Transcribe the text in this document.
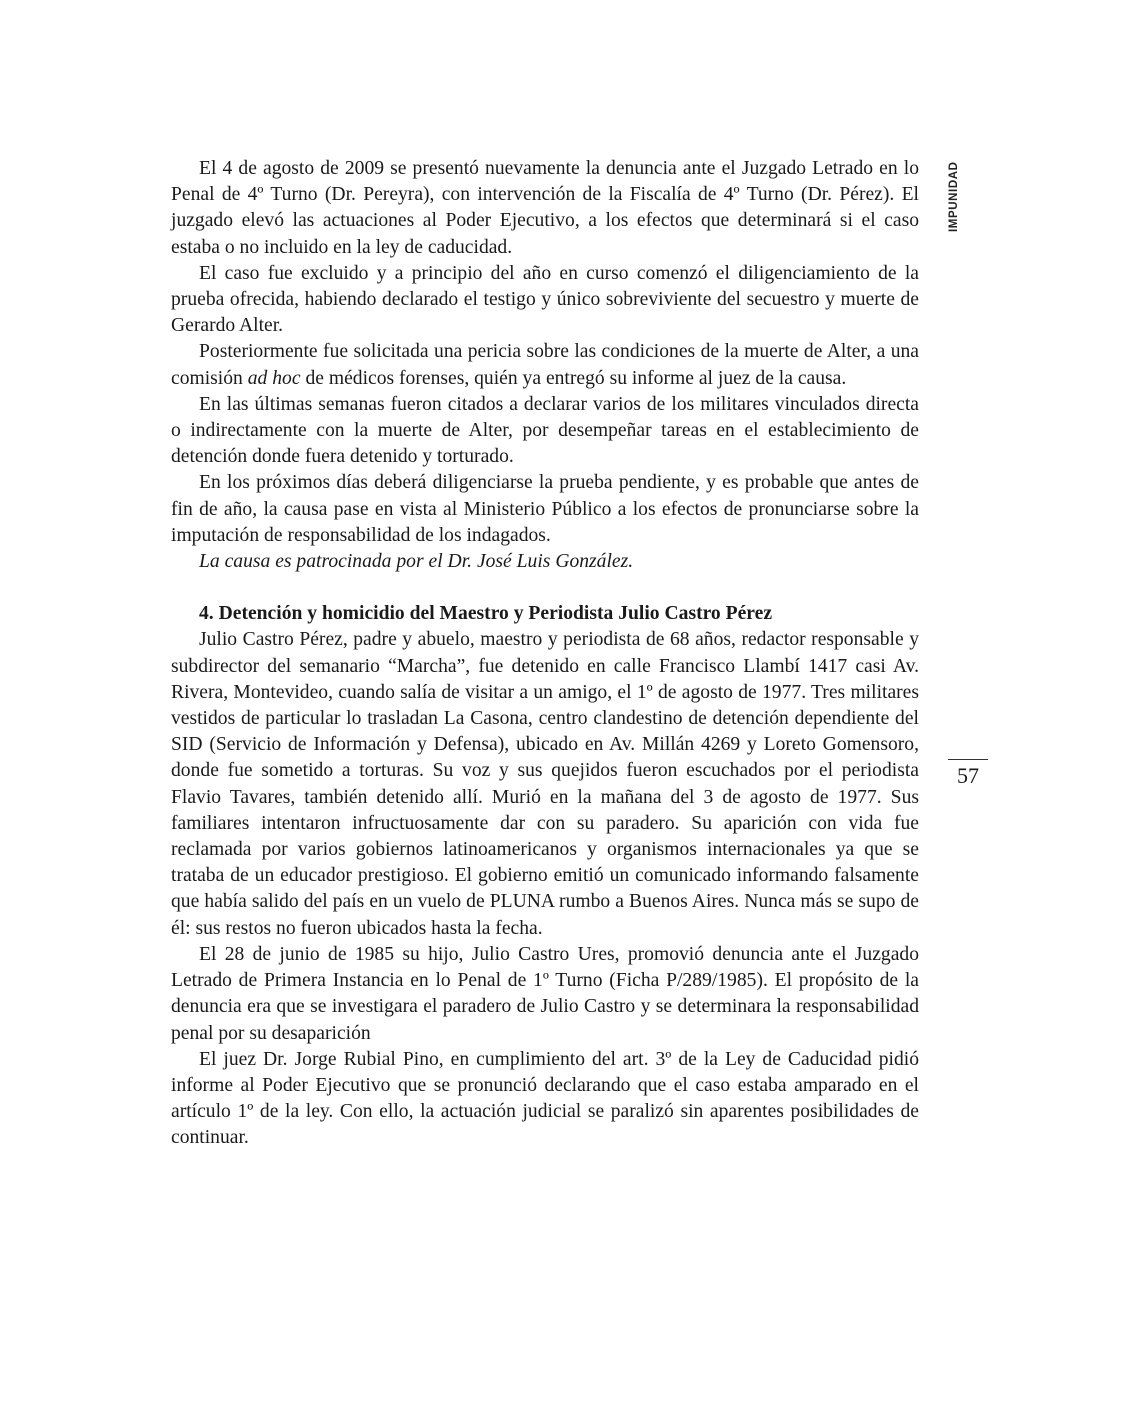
IMPUNIDAD
57

El 4 de agosto de 2009 se presentó nuevamente la denuncia ante el Juzgado Letrado en lo Penal de 4º Turno (Dr. Pereyra), con intervención de la Fiscalía de 4º Turno (Dr. Pérez). El juzgado elevó las actuaciones al Poder Ejecutivo, a los efectos que determinará si el caso estaba o no incluido en la ley de caducidad.

El caso fue excluido y a principio del año en curso comenzó el diligenciamiento de la prueba ofrecida, habiendo declarado el testigo y único sobreviviente del secuestro y muerte de Gerardo Alter.

Posteriormente fue solicitada una pericia sobre las condiciones de la muerte de Alter, a una comisión ad hoc de médicos forenses, quién ya entregó su informe al juez de la causa.

En las últimas semanas fueron citados a declarar varios de los militares vinculados directa o indirectamente con la muerte de Alter, por desempeñar tareas en el establecimiento de detención donde fuera detenido y torturado.

En los próximos días deberá diligenciarse la prueba pendiente, y es probable que antes de fin de año, la causa pase en vista al Ministerio Público a los efectos de pronunciarse sobre la imputación de responsabilidad de los indagados.

La causa es patrocinada por el Dr. José Luis González.

4. Detención y homicidio del Maestro y Periodista Julio Castro Pérez

Julio Castro Pérez, padre y abuelo, maestro y periodista de 68 años, redactor responsable y subdirector del semanario “Marcha”, fue detenido en calle Francisco Llambí 1417 casi Av. Rivera, Montevideo, cuando salía de visitar a un amigo, el 1º de agosto de 1977. Tres militares vestidos de particular lo trasladan La Casona, centro clandestino de detención dependiente del SID (Servicio de Información y Defensa), ubicado en Av. Millán 4269 y Loreto Gomensoro, donde fue sometido a torturas. Su voz y sus quejidos fueron escuchados por el periodista Flavio Tavares, también detenido allí. Murió en la mañana del 3 de agosto de 1977. Sus familiares intentaron infructuosamente dar con su paradero. Su aparición con vida fue reclamada por varios gobiernos latinoamericanos y organismos internacionales ya que se trataba de un educador prestigioso. El gobierno emitió un comunicado informando falsamente que había salido del país en un vuelo de PLUNA rumbo a Buenos Aires. Nunca más se supo de él: sus restos no fueron ubicados hasta la fecha.

El 28 de junio de 1985 su hijo, Julio Castro Ures, promovió denuncia ante el Juzgado Letrado de Primera Instancia en lo Penal de 1º Turno (Ficha P/289/1985). El propósito de la denuncia era que se investigara el paradero de Julio Castro y se determinara la responsabilidad penal por su desaparición

El juez Dr. Jorge Rubial Pino, en cumplimiento del art. 3º de la Ley de Caducidad pidió informe al Poder Ejecutivo que se pronunció declarando que el caso estaba amparado en el artículo 1º de la ley. Con ello, la actuación judicial se paralizó sin aparentes posibilidades de continuar.
